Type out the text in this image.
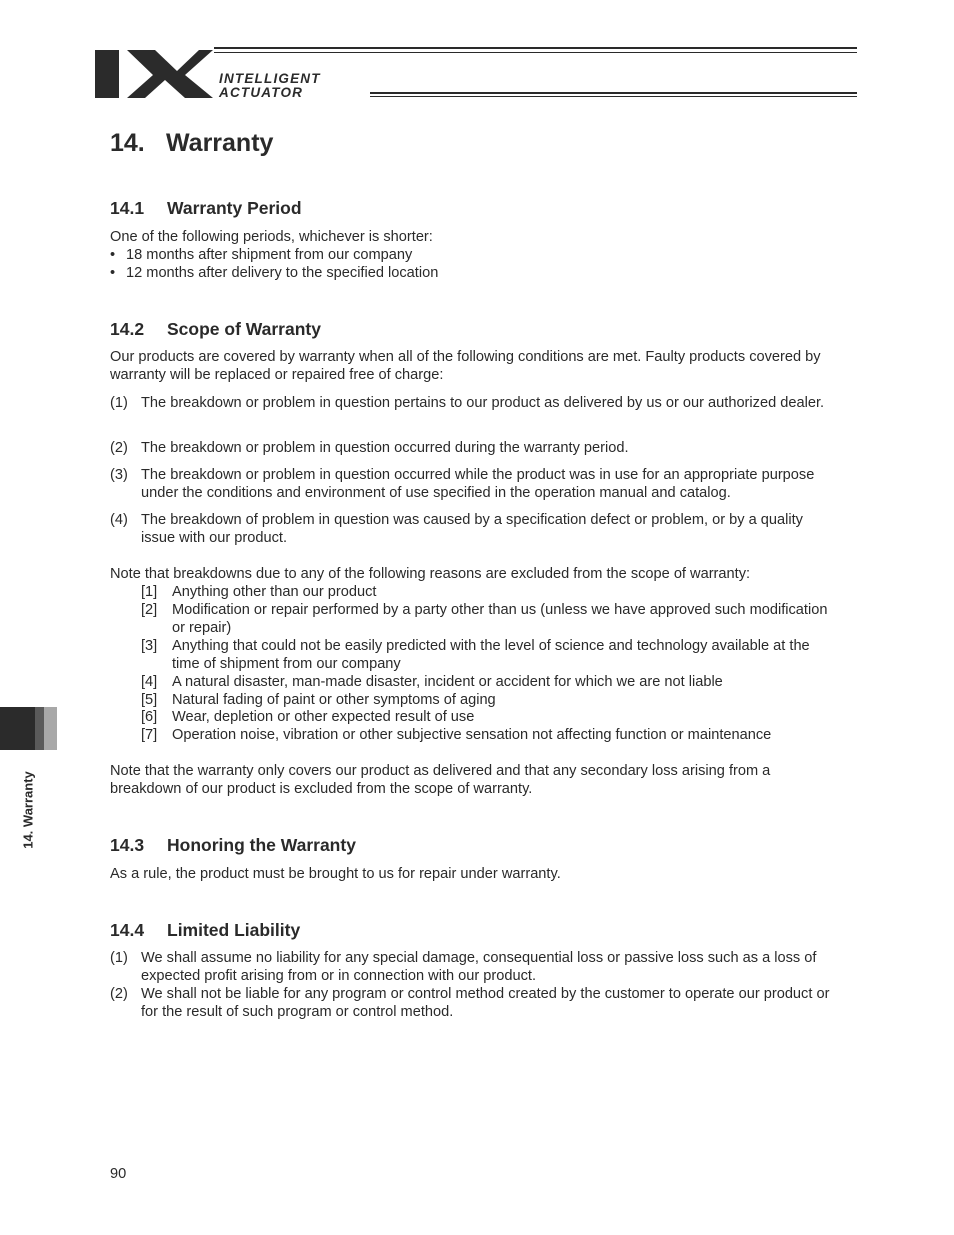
INTELLIGENT
ACTUATOR
14. Warranty
14.1 Warranty Period
One of the following periods, whichever is shorter:
• 18 months after shipment from our company
• 12 months after delivery to the specified location
14.2 Scope of Warranty
Our products are covered by warranty when all of the following conditions are met. Faulty products covered by warranty will be replaced or repaired free of charge:
(1) The breakdown or problem in question pertains to our product as delivered by us or our authorized dealer.
(2) The breakdown or problem in question occurred during the warranty period.
(3) The breakdown or problem in question occurred while the product was in use for an appropriate purpose under the conditions and environment of use specified in the operation manual and catalog.
(4) The breakdown of problem in question was caused by a specification defect or problem, or by a quality issue with our product.
Note that breakdowns due to any of the following reasons are excluded from the scope of warranty:
[1] Anything other than our product
[2] Modification or repair performed by a party other than us (unless we have approved such modification or repair)
[3] Anything that could not be easily predicted with the level of science and technology available at the time of shipment from our company
[4] A natural disaster, man-made disaster, incident or accident for which we are not liable
[5] Natural fading of paint or other symptoms of aging
[6] Wear, depletion or other expected result of use
[7] Operation noise, vibration or other subjective sensation not affecting function or maintenance
Note that the warranty only covers our product as delivered and that any secondary loss arising from a breakdown of our product is excluded from the scope of warranty.
14.3 Honoring the Warranty
As a rule, the product must be brought to us for repair under warranty.
14.4 Limited Liability
(1) We shall assume no liability for any special damage, consequential loss or passive loss such as a loss of expected profit arising from or in connection with our product.
(2) We shall not be liable for any program or control method created by the customer to operate our product or for the result of such program or control method.
14. Warranty
90
